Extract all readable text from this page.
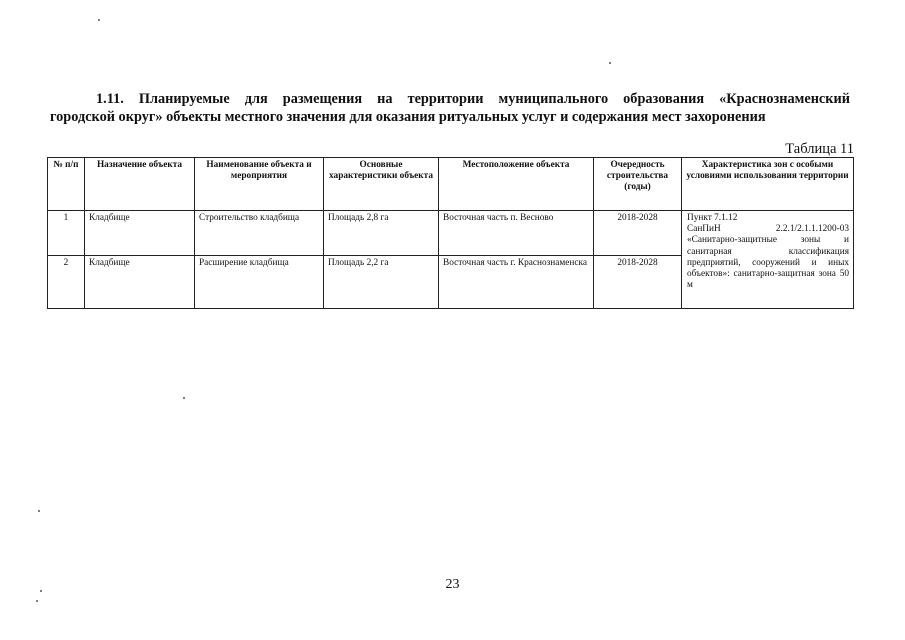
1.11. Планируемые для размещения на территории муниципального образования «Краснознаменский
городской округ» объекты местного значения для оказания ритуальных услуг и содержания мест захоронения
Таблица 11
№ п/п	Назначение объекта	Наименование объекта и мероприятия	Основные характеристики объекта	Местоположение объекта	Очередность строительства (годы)	Характеристика зон с особыми условиями использования территории
1	Кладбище	Строительство кладбища	Площадь 2,8 га	Восточная часть п. Весново	2018-2028	Пункт 7.1.12
СанПиН 2.2.1/2.1.1.1200-03
«Санитарно-защитные зоны и санитарная классификация предприятий, сооружений и иных объектов»: санитарно-защитная зона 50 м

2	Кладбище	Расширение кладбища	Площадь 2,2 га	Восточная часть г. Краснознаменска	2018-2028	
23
